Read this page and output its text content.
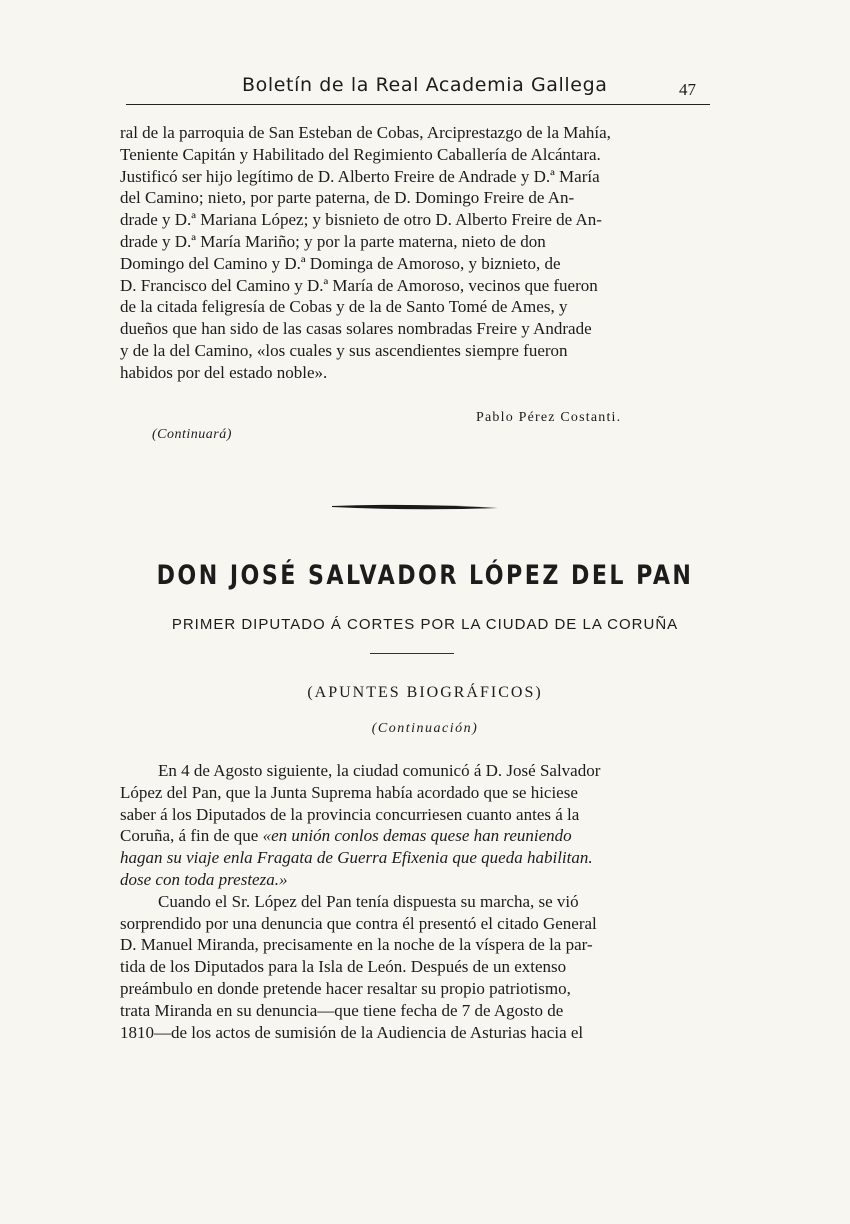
Boletín de la Real Academia Gallega	47

ral de la parroquia de San Esteban de Cobas, Arciprestazgo de la Mahía,

Teniente Capitán y Habilitado del Regimiento Caballería de Alcántara.

Justificó ser hijo legítimo de D. Alberto Freire de Andrade y D.ª María

del Camino; nieto, por parte paterna, de D. Domingo Freire de An-

drade y D.ª Mariana López; y bisnieto de otro D. Alberto Freire de An-

drade y D.ª María Mariño; y por la parte materna, nieto de don

Domingo del Camino y D.ª Dominga de Amoroso, y biznieto, de

D. Francisco del Camino y D.ª María de Amoroso, vecinos que fueron

de la citada feligresía de Cobas y de la de Santo Tomé de Ames, y

dueños que han sido de las casas solares nombradas Freire y Andrade

y de la del Camino, «los cuales y sus ascendientes siempre fueron

habidos por del estado noble».

Pablo Pérez Costanti.
(Continuará)
DON JOSÉ SALVADOR LÓPEZ DEL PAN
PRIMER DIPUTADO Á CORTES POR LA CIUDAD DE LA CORUÑA
(APUNTES BIOGRÁFICOS)
(Continuación)

En 4 de Agosto siguiente, la ciudad comunicó á D. José Salvador

López del Pan, que la Junta Suprema había acordado que se hiciese

saber á los Diputados de la provincia concurriesen cuanto antes á la

Coruña, á fin de que «en unión conlos demas quese han reuniendo

hagan su viaje enla Fragata de Guerra Efixenia que queda habilitan.

dose con toda presteza.»

Cuando el Sr. López del Pan tenía dispuesta su marcha, se vió

sorprendido por una denuncia que contra él presentó el citado General

D. Manuel Miranda, precisamente en la noche de la víspera de la par-

tida de los Diputados para la Isla de León. Después de un extenso

preámbulo en donde pretende hacer resaltar su propio patriotismo,

trata Miranda en su denuncia—que tiene fecha de 7 de Agosto de

1810—de los actos de sumisión de la Audiencia de Asturias hacia el
